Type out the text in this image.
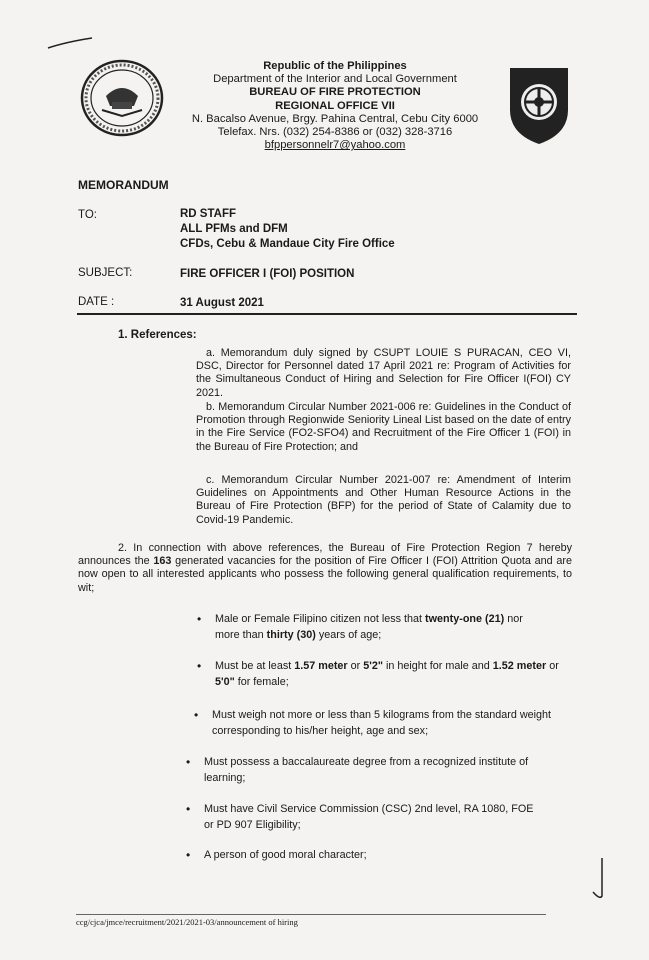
Republic of the Philippines
Department of the Interior and Local Government
BUREAU OF FIRE PROTECTION
REGIONAL OFFICE VII
N. Bacalso Avenue, Brgy. Pahina Central, Cebu City 6000
Telefax. Nrs. (032) 254-8386 or (032) 328-3716
bfppersonnelr7@yahoo.com
MEMORANDUM
TO:	RD STAFF
ALL PFMs and DFM
CFDs, Cebu & Mandaue City Fire Office
SUBJECT:	FIRE OFFICER I (FOI) POSITION
DATE :	31 August 2021
1. References:
a. Memorandum duly signed by CSUPT LOUIE S PURACAN, CEO VI, DSC, Director for Personnel dated 17 April 2021 re: Program of Activities for the Simultaneous Conduct of Hiring and Selection for Fire Officer I(FOI) CY 2021.
b. Memorandum Circular Number 2021-006 re: Guidelines in the Conduct of Promotion through Regionwide Seniority Lineal List based on the date of entry in the Fire Service (FO2-SFO4) and Recruitment of the Fire Officer 1 (FOI) in the Bureau of Fire Protection; and
c. Memorandum Circular Number 2021-007 re: Amendment of Interim Guidelines on Appointments and Other Human Resource Actions in the Bureau of Fire Protection (BFP) for the period of State of Calamity due to Covid-19 Pandemic.
2. In connection with above references, the Bureau of Fire Protection Region 7 hereby announces the 163 generated vacancies for the position of Fire Officer I (FOI) Attrition Quota and are now open to all interested applicants who possess the following general qualification requirements, to wit;
• Male or Female Filipino citizen not less that twenty-one (21) nor more than thirty (30) years of age;
• Must be at least 1.57 meter or 5'2" in height for male and 1.52 meter or 5'0" for female;
• Must weigh not more or less than 5 kilograms from the standard weight corresponding to his/her height, age and sex;
• Must possess a baccalaureate degree from a recognized institute of learning;
• Must have Civil Service Commission (CSC) 2nd level, RA 1080, FOE or PD 907 Eligibility;
• A person of good moral character;
ccg/cjca/jmce/recruitment/2021/2021-03/announcement of hiring
